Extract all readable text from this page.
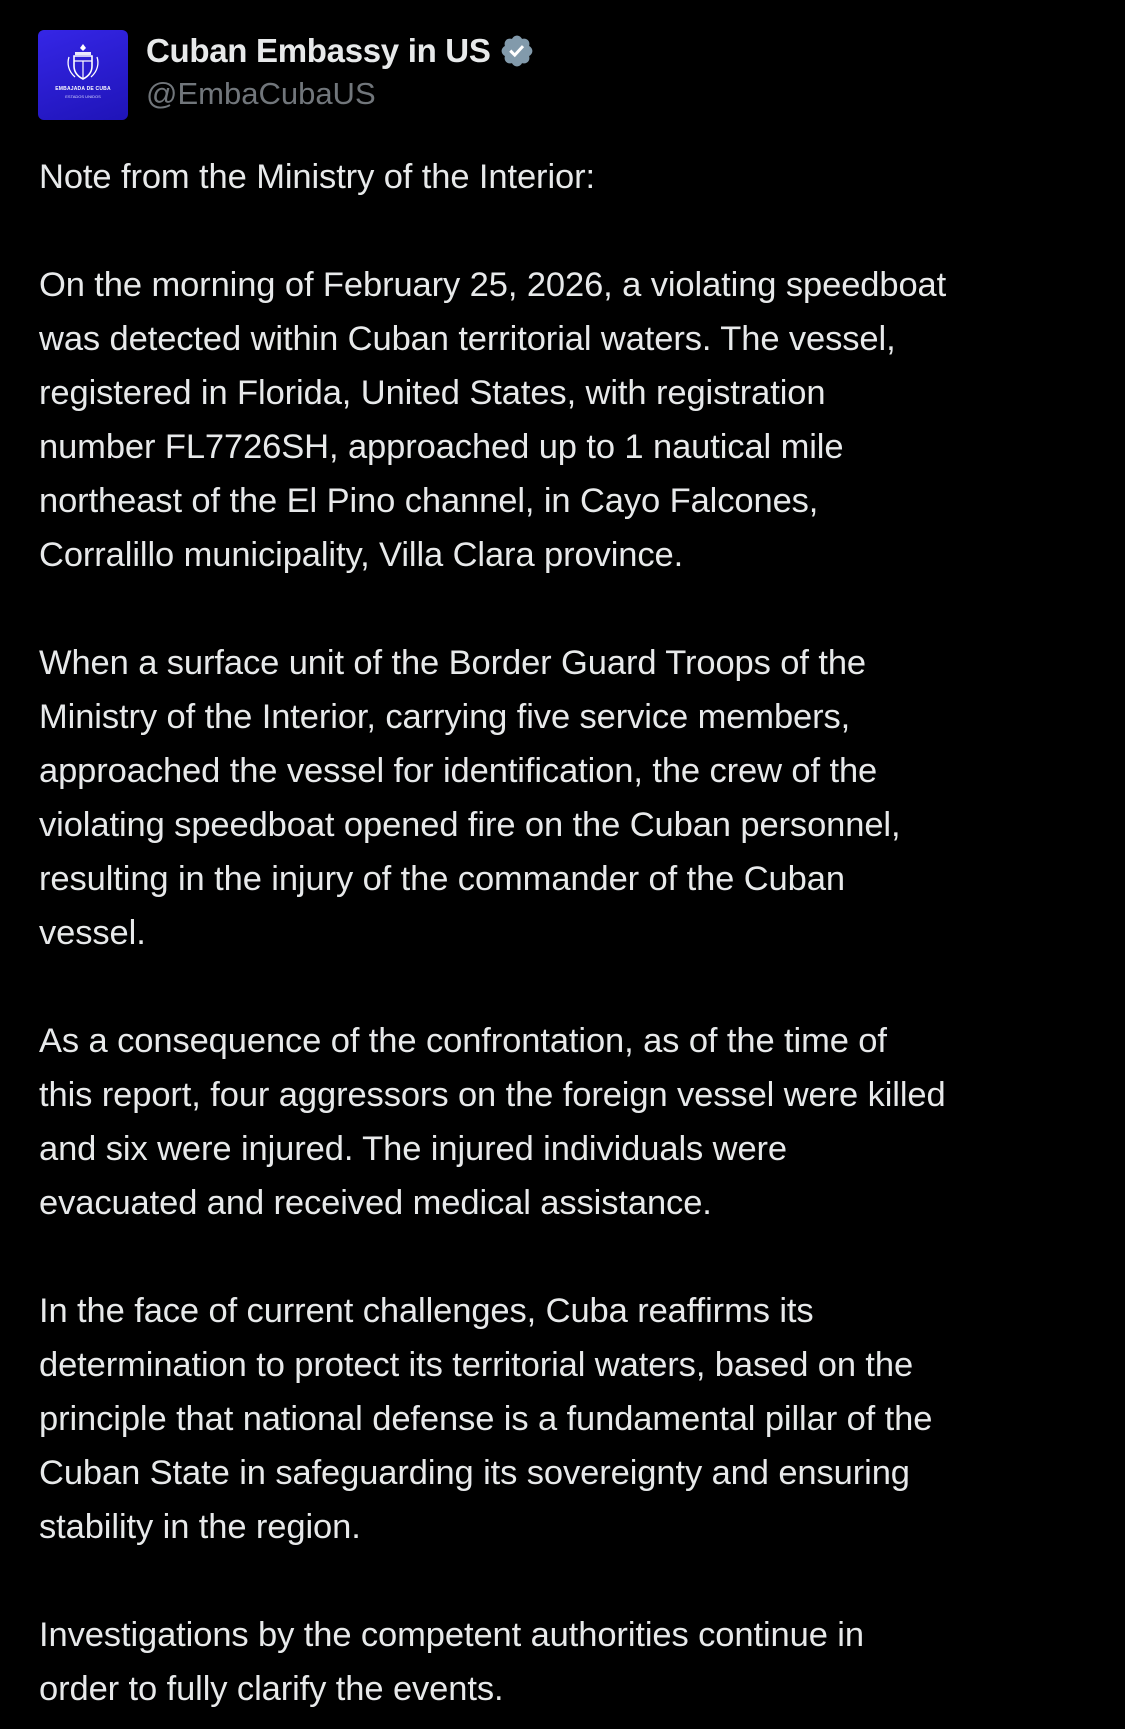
EMBAJADA DE CUBA
ESTADOS UNIDOS
Cuban Embassy in US
@EmbaCubaUS

Note from the Ministry of the Interior:

On the morning of February 25, 2026, a violating speedboat
was detected within Cuban territorial waters. The vessel,
registered in Florida, United States, with registration
number FL7726SH, approached up to 1 nautical mile
northeast of the El Pino channel, in Cayo Falcones,
Corralillo municipality, Villa Clara province.

When a surface unit of the Border Guard Troops of the
Ministry of the Interior, carrying five service members,
approached the vessel for identification, the crew of the
violating speedboat opened fire on the Cuban personnel,
resulting in the injury of the commander of the Cuban
vessel.

As a consequence of the confrontation, as of the time of
this report, four aggressors on the foreign vessel were killed
and six were injured. The injured individuals were
evacuated and received medical assistance.

In the face of current challenges, Cuba reaffirms its
determination to protect its territorial waters, based on the
principle that national defense is a fundamental pillar of the
Cuban State in safeguarding its sovereignty and ensuring
stability in the region.

Investigations by the competent authorities continue in
order to fully clarify the events.
